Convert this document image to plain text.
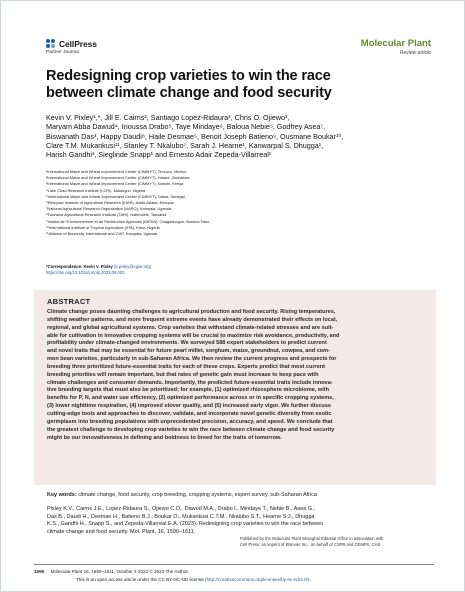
CellPress
Partner Journal
Molecular Plant
Review article
Redesigning crop varieties to win the race
between climate change and food security

Kevin V. Pixley¹,*, Jill E. Cairns², Santiago Lopez-Ridaura¹, Chris O. Ojiewo³,

Maryam Abba Dawud⁴, Inoussa Drabo⁵, Taye Mindaye⁶, Baloua Nebie⁵, Godfrey Asea⁷,

Biswanath Das³, Happy Daudi⁸, Haile Desmae⁵, Benoit Joseph Batieno⁹, Ousmane Boukar¹⁰,

Clare T.M. Mukankusi¹¹, Stanley T. Nkalubo⁷, Sarah J. Hearne¹, Kanwarpal S. Dhugga¹,

Harish Gandhi³, Sieglinde Snapp¹ and Ernesto Adair Zepeda-Villarreal¹

¹International Maize and Wheat Improvement Center (CIMMYT), Texcoco, Mexico

²International Maize and Wheat Improvement Center (CIMMYT), Harare, Zimbabwe

³International Maize and Wheat Improvement Center (CIMMYT), Nairobi, Kenya

⁴Lake Chad Research Institute (LCRI), Maiduguri, Nigeria

⁵International Maize and Wheat Improvement Center (CIMMYT), Dakar, Senegal

⁶Ethiopian Institute of Agricultural Research (EIAR), Addis Ababa, Ethiopia

⁷National Agricultural Research Organization (NARO), Kampala, Uganda

⁸Tanzania Agricultural Research Institute (TARI), Naliendele, Tanzania

⁹Institut de l'Environnement et de Recherches Agricoles (INERA), Ouagadougou, Burkina Faso

¹⁰International Institute of Tropical Agriculture (IITA), Kano, Nigeria

¹¹Alliance of Bioversity International and CIAT, Kampala, Uganda

*Correspondence: Kevin V. Pixley (k.pixley@cgiar.org)
https://doi.org/10.1016/j.molp.2023.09.003
ABSTRACT

Climate change poses daunting challenges to agricultural production and food security. Rising temperatures,

shifting weather patterns, and more frequent extreme events have already demonstrated their effects on local,

regional, and global agricultural systems. Crop varieties that withstand climate-related stresses and are suit-

able for cultivation in innovative cropping systems will be crucial to maximize risk avoidance, productivity, and

profitability under climate-changed environments. We surveyed 588 expert stakeholders to predict current

and novel traits that may be essential for future pearl millet, sorghum, maize, groundnut, cowpea, and com-

mon bean varieties, particularly in sub-Saharan Africa. We then review the current progress and prospects for

breeding three prioritized future-essential traits for each of these crops. Experts predict that most current

breeding priorities will remain important, but that rates of genetic gain must increase to keep pace with

climate challenges and consumer demands. Importantly, the predicted future-essential traits include innova-

tive breeding targets that must also be prioritized; for example, (1) optimized rhizosphere microbiome, with

benefits for P, N, and water use efficiency, (2) optimized performance across or in specific cropping systems,

(3) lower nighttime respiration, (4) improved stover quality, and (5) increased early vigor. We further discuss

cutting-edge tools and approaches to discover, validate, and incorporate novel genetic diversity from exotic

germplasm into breeding populations with unprecedented precision, accuracy, and speed. We conclude that

the greatest challenge to developing crop varieties to win the race between climate change and food security

might be our innovativeness in defining and boldness to breed for the traits of tomorrow.

Key words: climate change, food security, crop breeding, cropping systems, expert survey, sub-Saharan Africa

Pixley K.V., Cairns J.E., Lopez-Ridaura S., Ojiewo C.O., Dawud M.A., Drabo I., Mindaye T., Nebie B., Asea G.,

Das B., Daudi H., Desmae H., Batieno B.J., Boukar O., Mukankusi C.T.M., Nkalubo S.T., Hearne S.J., Dhugga

K.S., Gandhi H., Snapp S., and Zepeda-Villarreal E.A. (2023). Redesigning crop varieties to win the race between

climate change and food security. Mol. Plant. 16, 1590–1611.

Published by the Molecular Plant Shanghai Editorial Office in association with

Cell Press, an imprint of Elsevier Inc., on behalf of CSPB and CEMPS, CAS.

1590 Molecular Plant 16, 1590–1611, October 2 2023 © 2023 The Author.
This is an open access article under the CC BY-NC-ND license (http://creativecommons.org/licenses/by-nc-nd/4.0/).
